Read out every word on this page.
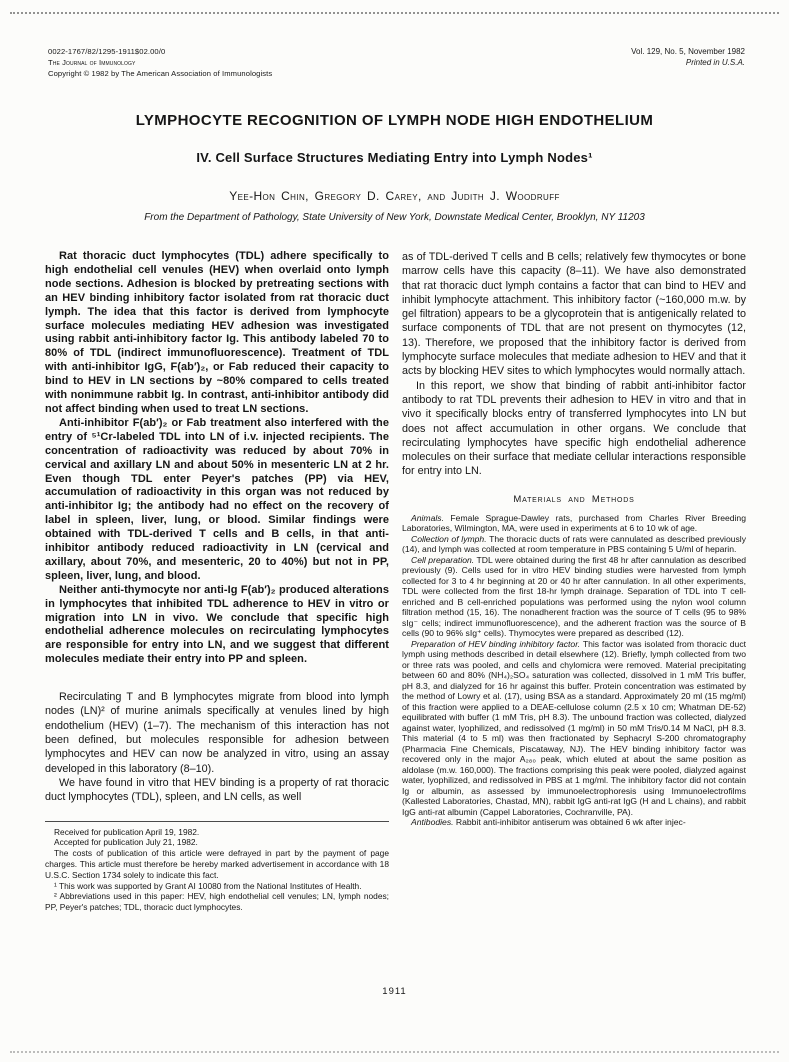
0022-1767/82/1295-1911$02.00/0
The Journal of Immunology
Copyright © 1982 by The American Association of Immunologists
Vol. 129, No. 5, November 1982
Printed in U.S.A.
LYMPHOCYTE RECOGNITION OF LYMPH NODE HIGH ENDOTHELIUM
IV. Cell Surface Structures Mediating Entry into Lymph Nodes¹
Yee-Hon Chin, Gregory D. Carey, and Judith J. Woodruff
From the Department of Pathology, State University of New York, Downstate Medical Center, Brooklyn, NY 11203

Rat thoracic duct lymphocytes (TDL) adhere specifically to high endothelial cell venules (HEV) when overlaid onto lymph node sections. Adhesion is blocked by pretreating sections with an HEV binding inhibitory factor isolated from rat thoracic duct lymph. The idea that this factor is derived from lymphocyte surface molecules mediating HEV adhesion was investigated using rabbit anti-inhibitory factor Ig. This antibody labeled 70 to 80% of TDL (indirect immunofluorescence). Treatment of TDL with anti-inhibitor IgG, F(ab′)₂, or Fab reduced their capacity to bind to HEV in LN sections by ~80% compared to cells treated with nonimmune rabbit Ig. In contrast, anti-inhibitor antibody did not affect binding when used to treat LN sections.

Anti-inhibitor F(ab′)₂ or Fab treatment also interfered with the entry of ⁵¹Cr-labeled TDL into LN of i.v. injected recipients. The concentration of radioactivity was reduced by about 70% in cervical and axillary LN and about 50% in mesenteric LN at 2 hr. Even though TDL enter Peyer's patches (PP) via HEV, accumulation of radioactivity in this organ was not reduced by anti-inhibitor Ig; the antibody had no effect on the recovery of label in spleen, liver, lung, or blood. Similar findings were obtained with TDL-derived T cells and B cells, in that anti-inhibitor antibody reduced radioactivity in LN (cervical and axillary, about 70%, and mesenteric, 20 to 40%) but not in PP, spleen, liver, lung, and blood.

Neither anti-thymocyte nor anti-Ig F(ab′)₂ produced alterations in lymphocytes that inhibited TDL adherence to HEV in vitro or migration into LN in vivo. We conclude that specific high endothelial adherence molecules on recirculating lymphocytes are responsible for entry into LN, and we suggest that different molecules mediate their entry into PP and spleen.

Recirculating T and B lymphocytes migrate from blood into lymph nodes (LN)² of murine animals specifically at venules lined by high endothelium (HEV) (1–7). The mechanism of this interaction has not been defined, but molecules responsible for adhesion between lymphocytes and HEV can now be analyzed in vitro, using an assay developed in this laboratory (8–10).

We have found in vitro that HEV binding is a property of rat thoracic duct lymphocytes (TDL), spleen, and LN cells, as well

Received for publication April 19, 1982.

Accepted for publication July 21, 1982.

The costs of publication of this article were defrayed in part by the payment of page charges. This article must therefore be hereby marked advertisement in accordance with 18 U.S.C. Section 1734 solely to indicate this fact.

¹ This work was supported by Grant AI 10080 from the National Institutes of Health.

² Abbreviations used in this paper: HEV, high endothelial cell venules; LN, lymph nodes; PP, Peyer's patches; TDL, thoracic duct lymphocytes.

as of TDL-derived T cells and B cells; relatively few thymocytes or bone marrow cells have this capacity (8–11). We have also demonstrated that rat thoracic duct lymph contains a factor that can bind to HEV and inhibit lymphocyte attachment. This inhibitory factor (~160,000 m.w. by gel filtration) appears to be a glycoprotein that is antigenically related to surface components of TDL that are not present on thymocytes (12, 13). Therefore, we proposed that the inhibitory factor is derived from lymphocyte surface molecules that mediate adhesion to HEV and that it acts by blocking HEV sites to which lymphocytes would normally attach.

In this report, we show that binding of rabbit anti-inhibitor factor antibody to rat TDL prevents their adhesion to HEV in vitro and that in vivo it specifically blocks entry of transferred lymphocytes into LN but does not affect accumulation in other organs. We conclude that recirculating lymphocytes have specific high endothelial adherence molecules on their surface that mediate cellular interactions responsible for entry into LN.

Materials and Methods

Animals. Female Sprague-Dawley rats, purchased from Charles River Breeding Laboratories, Wilmington, MA, were used in experiments at 6 to 10 wk of age.

Collection of lymph. The thoracic ducts of rats were cannulated as described previously (14), and lymph was collected at room temperature in PBS containing 5 U/ml of heparin.

Cell preparation. TDL were obtained during the first 48 hr after cannulation as described previously (9). Cells used for in vitro HEV binding studies were harvested from lymph collected for 3 to 4 hr beginning at 20 or 40 hr after cannulation. In all other experiments, TDL were collected from the first 18-hr lymph drainage. Separation of TDL into T cell-enriched and B cell-enriched populations was performed using the nylon wool column filtration method (15, 16). The nonadherent fraction was the source of T cells (95 to 98% sIg⁻ cells; indirect immunofluorescence), and the adherent fraction was the source of B cells (90 to 96% sIg⁺ cells). Thymocytes were prepared as described (12).

Preparation of HEV binding inhibitory factor. This factor was isolated from thoracic duct lymph using methods described in detail elsewhere (12). Briefly, lymph collected from two or three rats was pooled, and cells and chylomicra were removed. Material precipitating between 60 and 80% (NH₄)₂SO₄ saturation was collected, dissolved in 1 mM Tris buffer, pH 8.3, and dialyzed for 16 hr against this buffer. Protein concentration was estimated by the method of Lowry et al. (17), using BSA as a standard. Approximately 20 ml (15 mg/ml) of this fraction were applied to a DEAE-cellulose column (2.5 x 10 cm; Whatman DE-52) equilibrated with buffer (1 mM Tris, pH 8.3). The unbound fraction was collected, dialyzed against water, lyophilized, and redissolved (1 mg/ml) in 50 mM Tris/0.14 M NaCl, pH 8.3. This material (4 to 5 ml) was then fractionated by Sephacryl S-200 chromatography (Pharmacia Fine Chemicals, Piscataway, NJ). The HEV binding inhibitory factor was recovered only in the major A₂₈₀ peak, which eluted at about the same position as aldolase (m.w. 160,000). The fractions comprising this peak were pooled, dialyzed against water, lyophilized, and redissolved in PBS at 1 mg/ml. The inhibitory factor did not contain Ig or albumin, as assessed by immunoelectrophoresis using Immunoelectrofilms (Kallested Laboratories, Chastad, MN), rabbit IgG anti-rat IgG (H and L chains), and rabbit IgG anti-rat albumin (Cappel Laboratories, Cochranville, PA).

Antibodies. Rabbit anti-inhibitor antiserum was obtained 6 wk after injec-

1911
